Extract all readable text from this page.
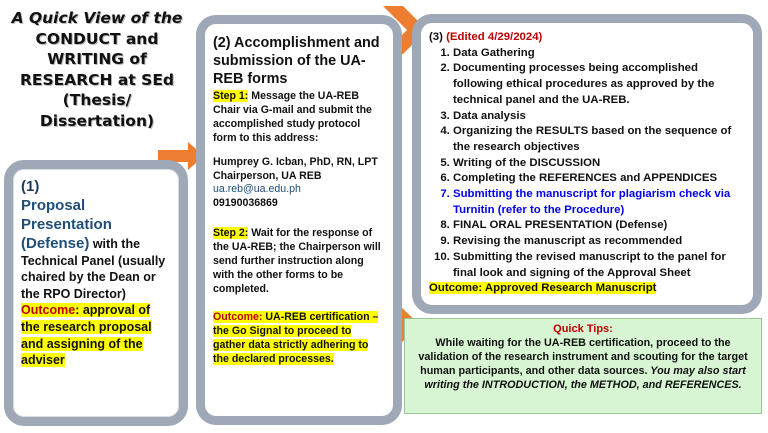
A Quick View of the
CONDUCT and
WRITING of
RESEARCH at SEd
(Thesis/
Dissertation)
(1)
Proposal
Presentation

(Defense) with the Technical Panel (usually chaired by the Dean or the RPO Director)

Outcome: approval of the research proposal and assigning of the adviser

(2) Accomplishment and submission of the UA-REB forms

Step 1: Message the UA-REB Chair via G-mail and submit the accomplished study protocol form to this address:

Humprey G. Icban, PhD, RN, LPT
Chairperson, UA REB
ua.reb@ua.edu.ph
09190036869

Step 2: Wait for the response of the UA-REB; the Chairperson will send further instruction along with the other forms to be completed.

Outcome: UA-REB certification –the Go Signal to proceed to gather data strictly adhering to the declared processes.

(3) (Edited 4/29/2024)
1. Data Gathering
2. Documenting processes being accomplished following ethical procedures as approved by the technical panel and the UA-REB.
3. Data analysis
4. Organizing the RESULTS based on the sequence of the research objectives
5. Writing of the DISCUSSION
6. Completing the REFERENCES and APPENDICES
7. Submitting the manuscript for plagiarism check via Turnitin (refer to the Procedure)
8. FINAL ORAL PRESENTATION (Defense)
9. Revising the manuscript as recommended
10. Submitting the revised manuscript to the panel for final look and signing of the Approval Sheet
Outcome: Approved Research Manuscript
Quick Tips:

While waiting for the UA-REB certification, proceed to the validation of the research instrument and scouting for the target human participants, and other data sources. You may also start writing the INTRODUCTION, the METHOD, and REFERENCES.
